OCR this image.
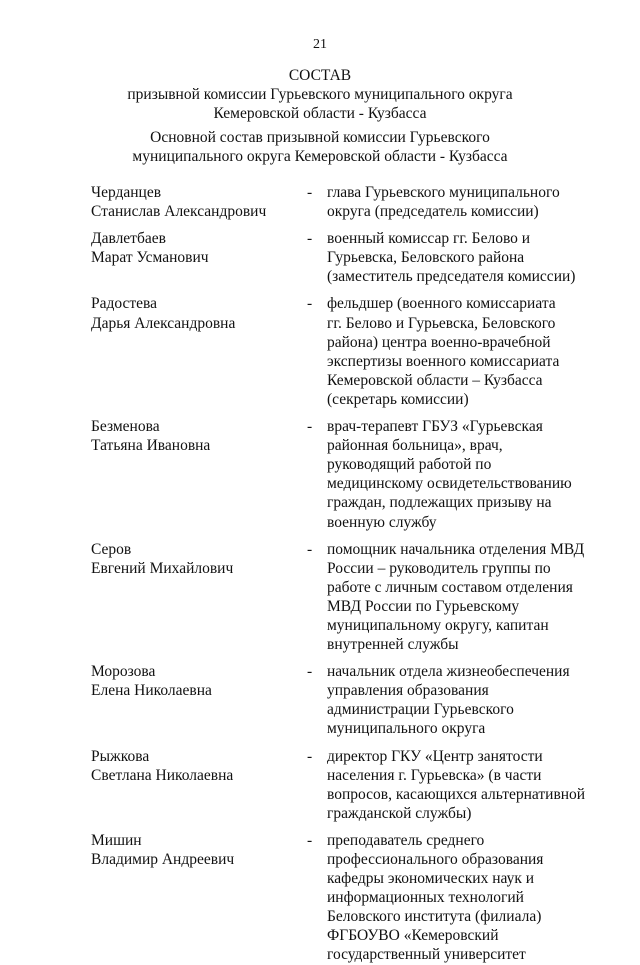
21
СОСТАВ
призывной комиссии Гурьевского муниципального округа
Кемеровской области - Кузбасса
Основной состав призывной комиссии Гурьевского
муниципального округа Кемеровской области - Кузбасса
Черданцев
Станислав Александрович
- глава Гурьевского муниципального
округа (председатель комиссии)
Давлетбаев
Марат Усманович
- военный комиссар гг. Белово и
Гурьевска, Беловского района
(заместитель председателя комиссии)
Радостева
Дарья Александровна
- фельдшер (военного комиссариата
гг. Белово и Гурьевска, Беловского
района) центра военно-врачебной
экспертизы военного комиссариата
Кемеровской области – Кузбасса
(секретарь комиссии)
Безменова
Татьяна Ивановна
- врач-терапевт ГБУЗ «Гурьевская
районная больница», врач,
руководящий работой по
медицинскому освидетельствованию
граждан, подлежащих призыву на
военную службу
Серов
Евгений Михайлович
- помощник начальника отделения МВД
России – руководитель группы по
работе с личным составом отделения
МВД России по Гурьевскому
муниципальному округу, капитан
внутренней службы
Морозова
Елена Николаевна
- начальник отдела жизнеобеспечения
управления образования
администрации Гурьевского
муниципального округа
Рыжкова
Светлана Николаевна
- директор ГКУ «Центр занятости
населения г. Гурьевска» (в части
вопросов, касающихся альтернативной
гражданской службы)
Мишин
Владимир Андреевич
- преподаватель среднего
профессионального образования
кафедры экономических наук и
информационных технологий
Беловского института (филиала)
ФГБОУВО «Кемеровский
государственный университет
